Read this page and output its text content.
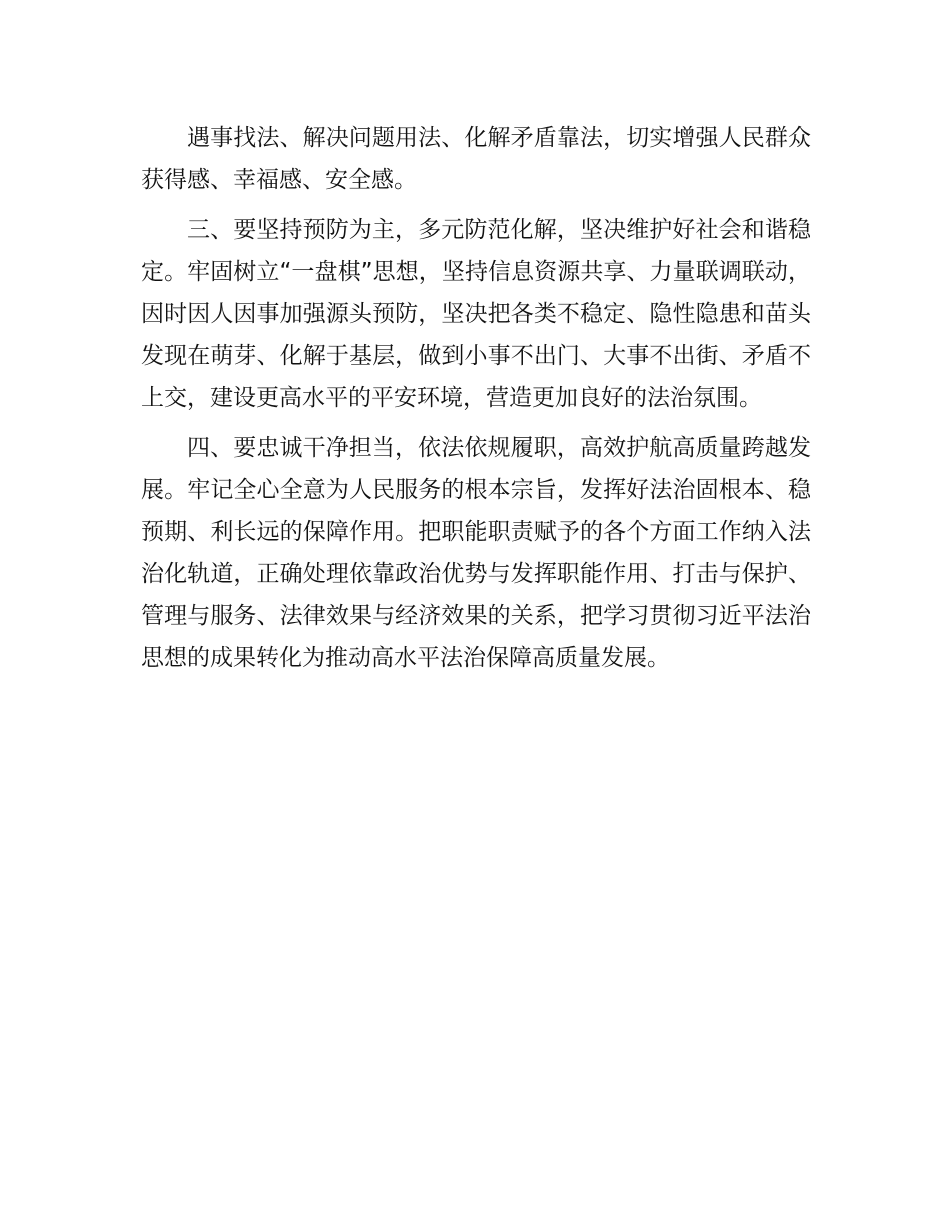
遇事找法、解决问题用法、化解矛盾靠法，切实增强人民群众获得感、幸福感、安全感。

三、要坚持预防为主，多元防范化解，坚决维护好社会和谐稳定。牢固树立“一盘棋”思想，坚持信息资源共享、力量联调联动，因时因人因事加强源头预防，坚决把各类不稳定、隐性隐患和苗头发现在萌芽、化解于基层，做到小事不出门、大事不出街、矛盾不上交，建设更高水平的平安环境，营造更加良好的法治氛围。

四、要忠诚干净担当，依法依规履职，高效护航高质量跨越发展。牢记全心全意为人民服务的根本宗旨，发挥好法治固根本、稳预期、利长远的保障作用。把职能职责赋予的各个方面工作纳入法治化轨道，正确处理依靠政治优势与发挥职能作用、打击与保护、管理与服务、法律效果与经济效果的关系，把学习贯彻习近平法治思想的成果转化为推动高水平法治保障高质量发展。
